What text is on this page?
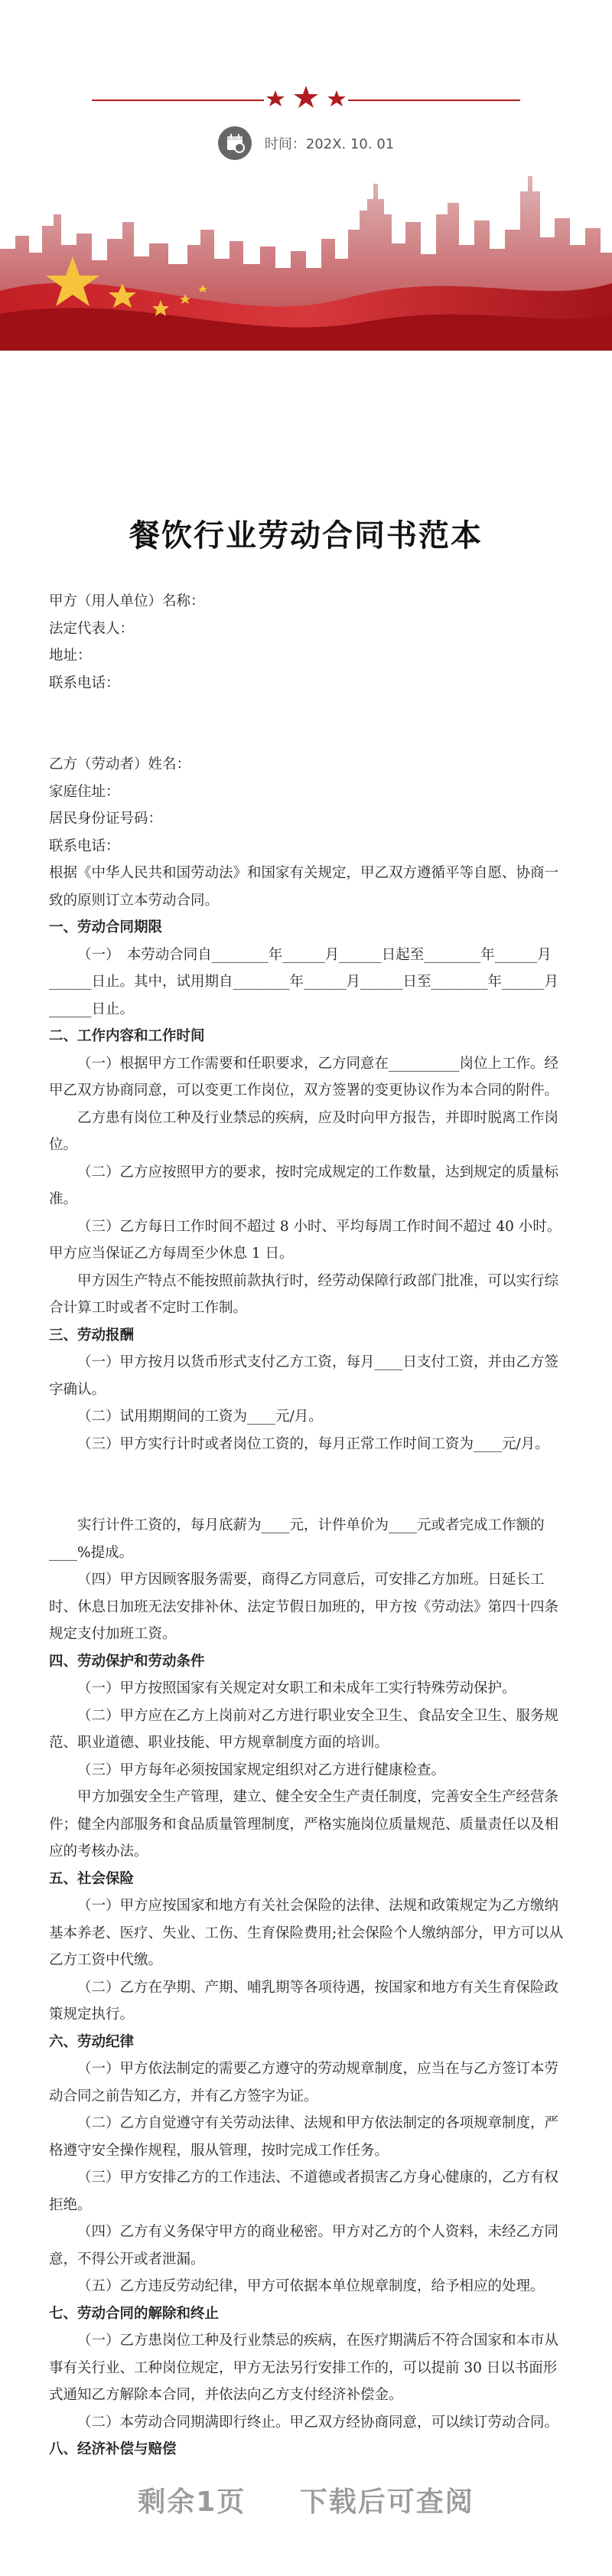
时间：202X. 10. 01
餐饮行业劳动合同书范本

甲方（用人单位）名称：

法定代表人：

地址：

联系电话：

乙方（劳动者）姓名：

家庭住址：

居民身份证号码：

联系电话：

根据《中华人民共和国劳动法》和国家有关规定，甲乙双方遵循平等自愿、协商一致的原则订立本劳动合同。

一、劳动合同期限

（一）　本劳动合同自________年______月______日起至________年______月______日止。其中，试用期自________年______月______日至________年______月______日止。

二、工作内容和工作时间

（一）根据甲方工作需要和任职要求，乙方同意在__________岗位上工作。经甲乙双方协商同意，可以变更工作岗位，双方签署的变更协议作为本合同的附件。

乙方患有岗位工种及行业禁忌的疾病，应及时向甲方报告，并即时脱离工作岗位。

（二）乙方应按照甲方的要求，按时完成规定的工作数量，达到规定的质量标准。

（三）乙方每日工作时间不超过 8 小时、平均每周工作时间不超过 40 小时。甲方应当保证乙方每周至少休息 1 日。

甲方因生产特点不能按照前款执行时，经劳动保障行政部门批准，可以实行综合计算工时或者不定时工作制。

三、劳动报酬

（一）甲方按月以货币形式支付乙方工资，每月____日支付工资，并由乙方签字确认。

（二）试用期期间的工资为____元/月。

（三）甲方实行计时或者岗位工资的，每月正常工作时间工资为____元/月。

实行计件工资的，每月底薪为____元，计件单价为____元或者完成工作额的____%提成。

（四）甲方因顾客服务需要，商得乙方同意后，可安排乙方加班。日延长工时、休息日加班无法安排补休、法定节假日加班的，甲方按《劳动法》第四十四条规定支付加班工资。

四、劳动保护和劳动条件

（一）甲方按照国家有关规定对女职工和未成年工实行特殊劳动保护。

（二）甲方应在乙方上岗前对乙方进行职业安全卫生、食品安全卫生、服务规范、职业道德、职业技能、甲方规章制度方面的培训。

（三）甲方每年必须按国家规定组织对乙方进行健康检查。

甲方加强安全生产管理，建立、健全安全生产责任制度，完善安全生产经营条件；健全内部服务和食品质量管理制度，严格实施岗位质量规范、质量责任以及相应的考核办法。

五、社会保险

（一）甲方应按国家和地方有关社会保险的法律、法规和政策规定为乙方缴纳基本养老、医疗、失业、工伤、生育保险费用;社会保险个人缴纳部分，甲方可以从乙方工资中代缴。

（二）乙方在孕期、产期、哺乳期等各项待遇，按国家和地方有关生育保险政策规定执行。

六、劳动纪律

（一）甲方依法制定的需要乙方遵守的劳动规章制度，应当在与乙方签订本劳动合同之前告知乙方，并有乙方签字为证。

（二）乙方自觉遵守有关劳动法律、法规和甲方依法制定的各项规章制度，严格遵守安全操作规程，服从管理，按时完成工作任务。

（三）甲方安排乙方的工作违法、不道德或者损害乙方身心健康的，乙方有权拒绝。

（四）乙方有义务保守甲方的商业秘密。甲方对乙方的个人资料，未经乙方同意，不得公开或者泄漏。

（五）乙方违反劳动纪律，甲方可依据本单位规章制度，给予相应的处理。

七、劳动合同的解除和终止

（一）乙方患岗位工种及行业禁忌的疾病，在医疗期满后不符合国家和本市从事有关行业、工种岗位规定，甲方无法另行安排工作的，可以提前 30 日以书面形式通知乙方解除本合同，并依法向乙方支付经济补偿金。

（二）本劳动合同期满即行终止。甲乙双方经协商同意，可以续订劳动合同。

八、经济补偿与赔偿

剩余1页 下载后可查阅
